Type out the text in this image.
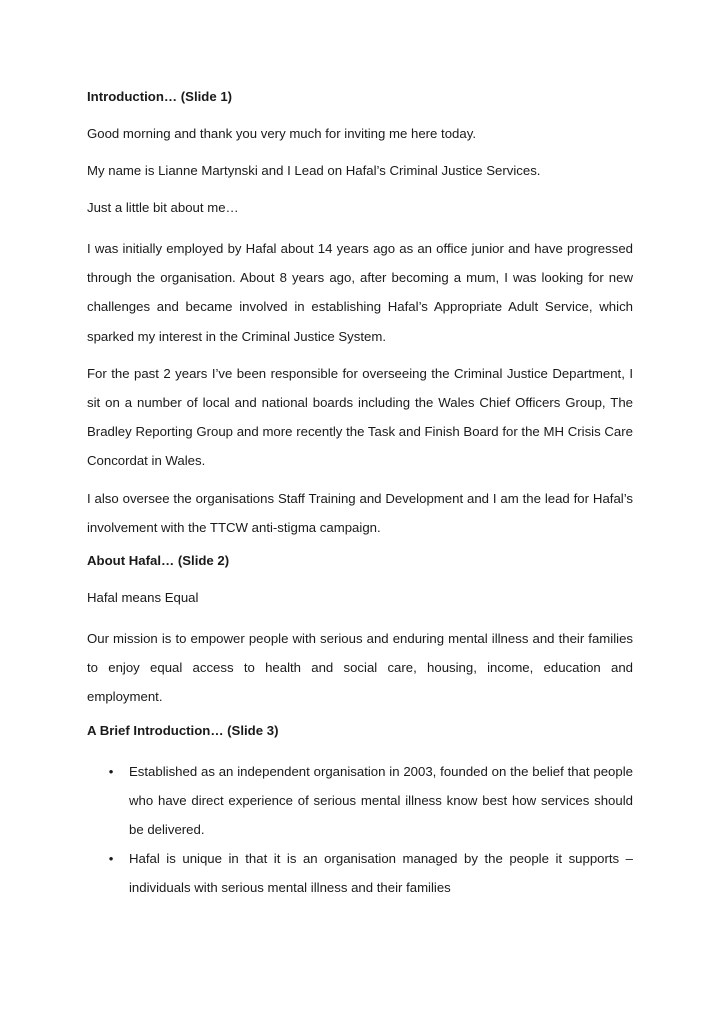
Introduction… (Slide 1)

Good morning and thank you very much for inviting me here today.

My name is Lianne Martynski and I Lead on Hafal’s Criminal Justice Services.

Just a little bit about me…

I was initially employed by Hafal about 14 years ago as an office junior and have progressed through the organisation. About 8 years ago, after becoming a mum, I was looking for new challenges and became involved in establishing Hafal’s Appropriate Adult Service, which sparked my interest in the Criminal Justice System.

For the past 2 years I’ve been responsible for overseeing the Criminal Justice Department, I sit on a number of local and national boards including the Wales Chief Officers Group, The Bradley Reporting Group and more recently the Task and Finish Board for the MH Crisis Care Concordat in Wales.

I also oversee the organisations Staff Training and Development and I am the lead for Hafal’s involvement with the TTCW anti-stigma campaign.

About Hafal… (Slide 2)

Hafal means Equal

Our mission is to empower people with serious and enduring mental illness and their families to enjoy equal access to health and social care, housing, income, education and employment.

A Brief Introduction… (Slide 3)
• Established as an independent organisation in 2003, founded on the belief that people who have direct experience of serious mental illness know best how services should be delivered.
• Hafal is unique in that it is an organisation managed by the people it supports – individuals with serious mental illness and their families
